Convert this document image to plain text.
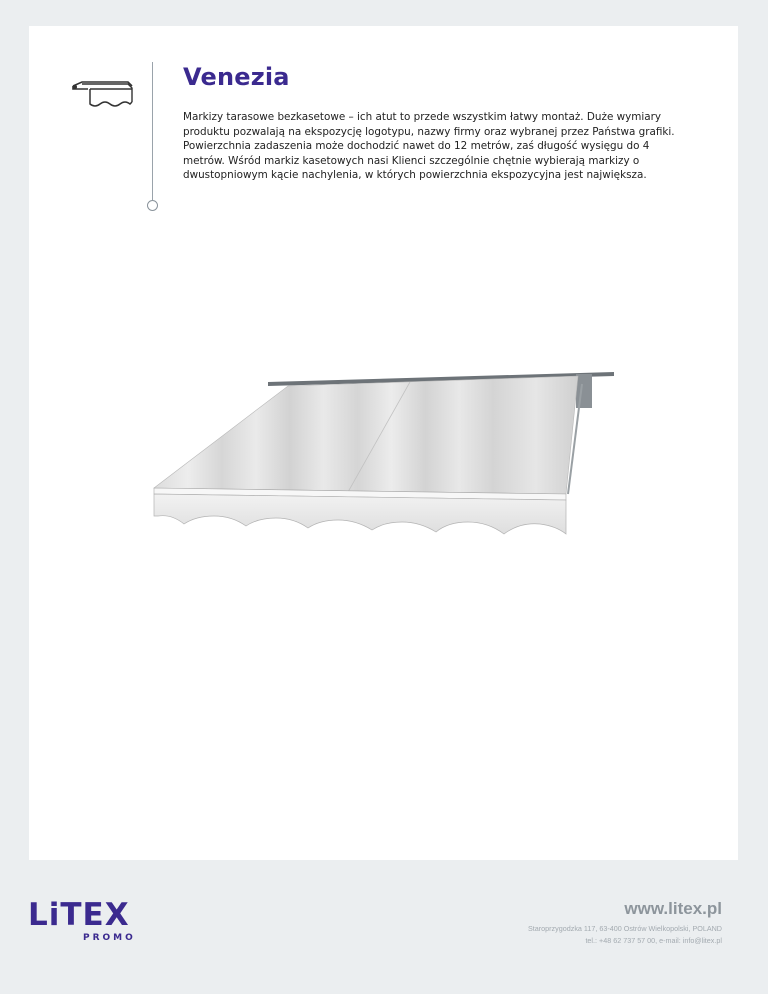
Venezia

Markizy tarasowe bezkasetowe – ich atut to przede wszystkim łatwy montaż. Duże wymiary produktu pozwalają na ekspozycję logotypu, nazwy firmy oraz wybranej przez Państwa grafiki. Powierzchnia zadaszenia może dochodzić nawet do 12 metrów, zaś długość wysięgu do 4 metrów. Wśród markiz kasetowych nasi Klienci szczególnie chętnie wybierają markizy o dwustopniowym kącie nachylenia, w których powierzchnia ekspozycyjna jest największa.

LiTEX
PROMO

www.litex.pl

Staroprzygodzka 117, 63-400 Ostrów Wielkopolski, POLAND

tel.: +48 62 737 57 00, e-mail: info@litex.pl
